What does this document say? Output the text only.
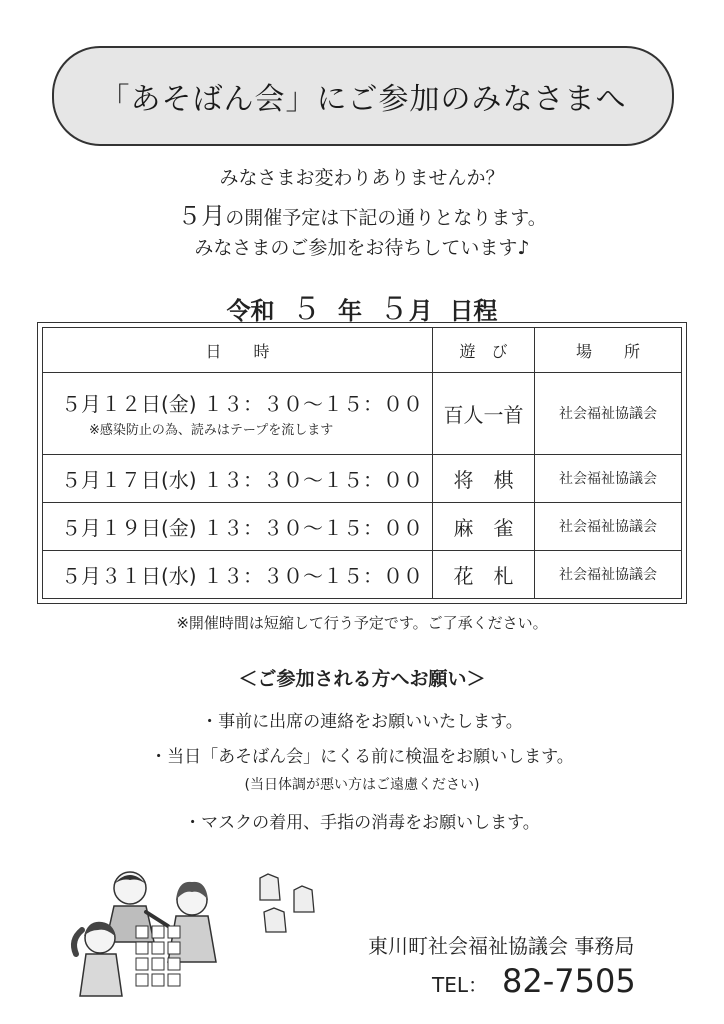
「あそばん会」にご参加のみなさまへ
みなさまお変わりありませんか？
５月の開催予定は下記の通りとなります。
みなさまのご参加をお待ちしています♪
令和 ５ 年 ５月 日程
日　　時	遊　び	場　　所
５月１２日(金) １３：３０〜１５：００
※感染防止の為、読みはテープを流します	百人一首	社会福祉協議会
５月１７日(水) １３：３０〜１５：００	将　棋	社会福祉協議会
５月１９日(金) １３：３０〜１５：００	麻　雀	社会福祉協議会
５月３１日(水) １３：３０〜１５：００	花　札	社会福祉協議会
※開催時間は短縮して行う予定です。ご了承ください。
＜ご参加される方へお願い＞
・事前に出席の連絡をお願いいたします。
・当日「あそばん会」にくる前に検温をお願いします。
(当日体調が悪い方はご遠慮ください)
・マスクの着用、手指の消毒をお願いします。
東川町社会福祉協議会 事務局
TEL： 82-7505
